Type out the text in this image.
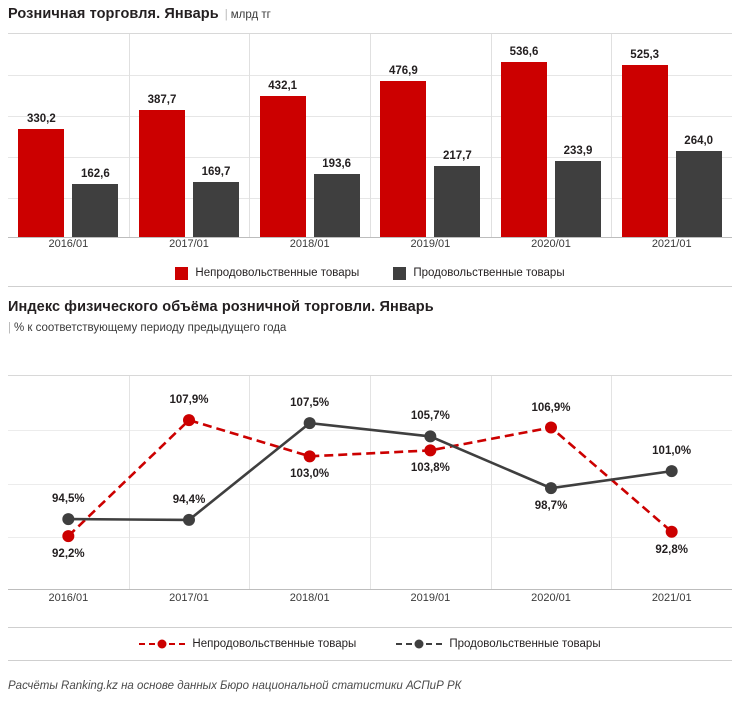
Розничная торговля. Январь | млрд тг
330,2
162,6
387,7
169,7
432,1
193,6
476,9
217,7
536,6
233,9
525,3
264,0
2016/01	2017/01	2018/01	2019/01	2020/01	2021/01
Непродовольственные товары	Продовольственные товары
Индекс физического объёма розничной торговли. Январь
| % к соответствующему периоду предыдущего года
92,2%
107,9%
103,0%	103,8%
106,9%
92,8%
94,5%	94,4%
107,5%
105,7%
98,7%
101,0%
2016/01	2017/01	2018/01	2019/01	2020/01	2021/01
Непродовольственные товары	Продовольственные товары
Расчёты Ranking.kz на основе данных Бюро национальной статистики АСПиР РК
